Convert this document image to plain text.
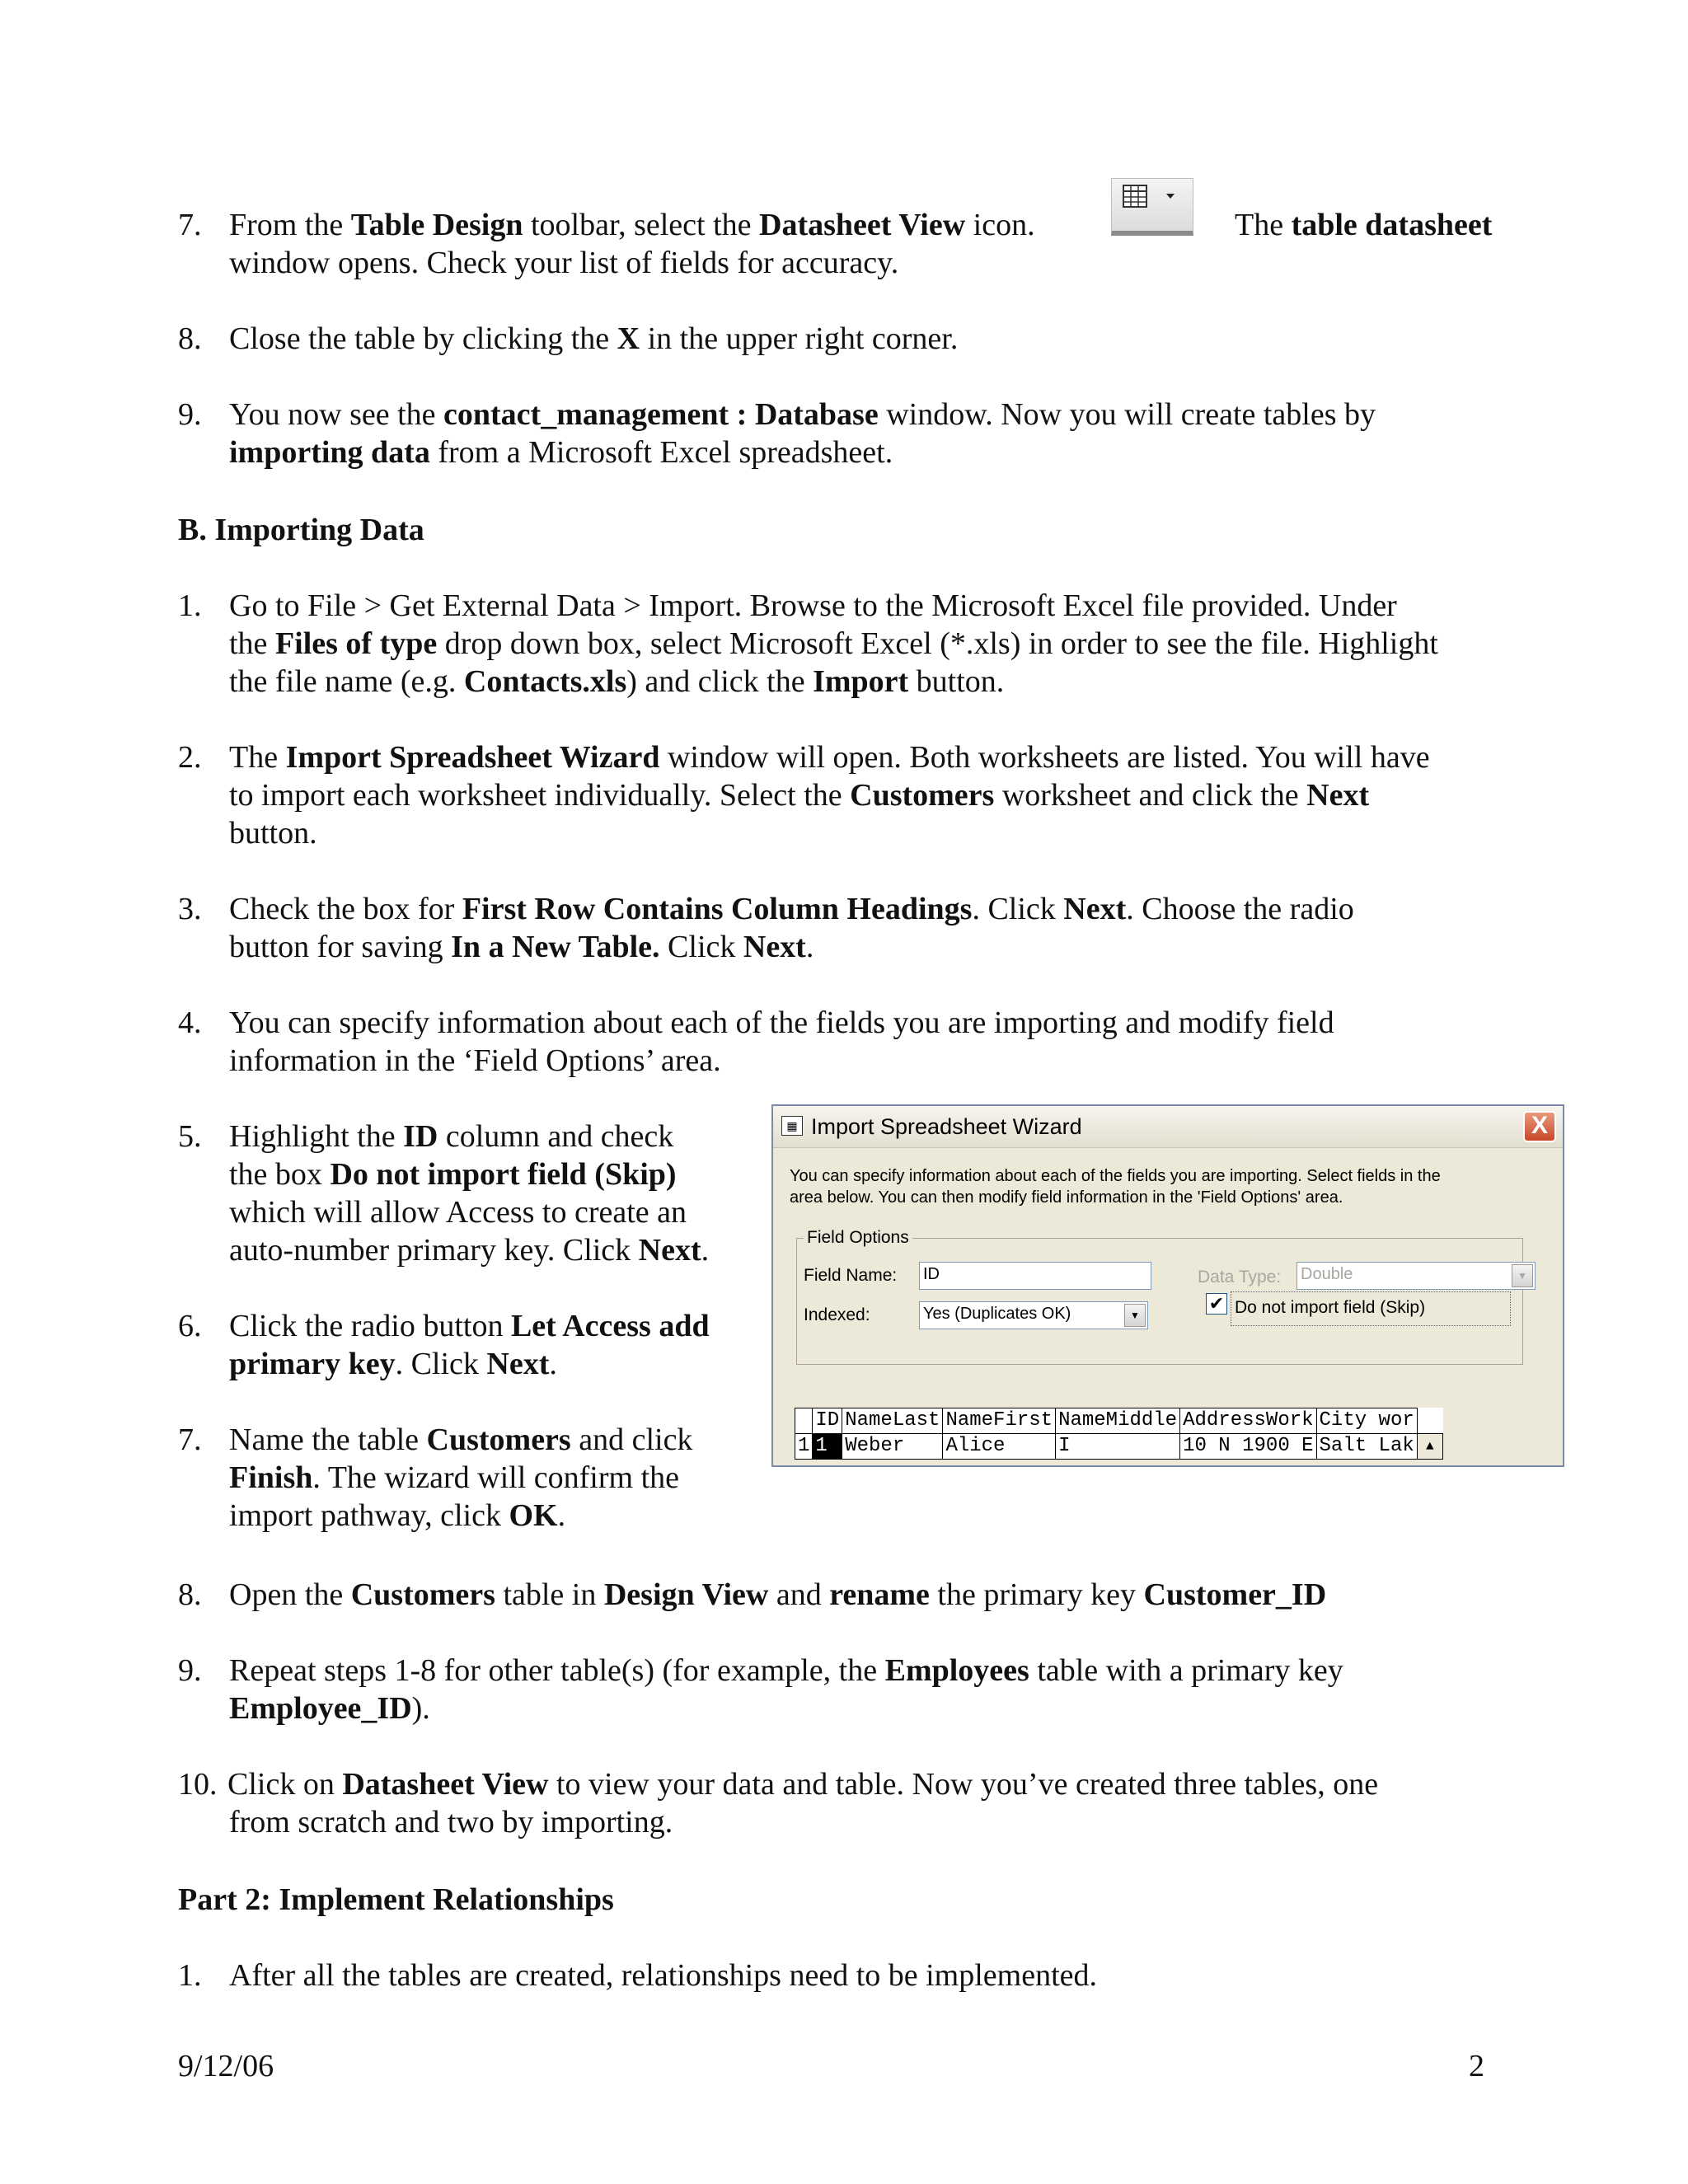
7. From the Table Design toolbar, select the Datasheet View icon.
window opens. Check your list of fields for accuracy.
The table datasheet
8. Close the table by clicking the X in the upper right corner.
9. You now see the contact_management : Database window. Now you will create tables by
importing data from a Microsoft Excel spreadsheet.
B. Importing Data
1. Go to File > Get External Data > Import. Browse to the Microsoft Excel file provided. Under
the Files of type drop down box, select Microsoft Excel (*.xls) in order to see the file. Highlight
the file name (e.g. Contacts.xls) and click the Import button.
2. The Import Spreadsheet Wizard window will open. Both worksheets are listed. You will have
to import each worksheet individually. Select the Customers worksheet and click the Next
button.
3. Check the box for First Row Contains Column Headings. Click Next. Choose the radio
button for saving In a New Table. Click Next.
4. You can specify information about each of the fields you are importing and modify field
information in the ‘Field Options’ area.
5. Highlight the ID column and check
the box Do not import field (Skip)
which will allow Access to create an
auto-number primary key. Click Next.
6. Click the radio button Let Access add
primary key. Click Next.
7. Name the table Customers and click
Finish. The wizard will confirm the
import pathway, click OK.
8. Open the Customers table in Design View and rename the primary key Customer_ID
9. Repeat steps 1-8 for other table(s) (for example, the Employees table with a primary key
Employee_ID).
10. Click on Datasheet View to view your data and table. Now you’ve created three tables, one
from scratch and two by importing.
Part 2: Implement Relationships
1. After all the tables are created, relationships need to be implemented.
▦ Import Spreadsheet Wizard	X
You can specify information about each of the fields you are importing. Select fields in the
area below. You can then modify field information in the 'Field Options' area.
Field Options
Field Name: ID	Data Type: Double	▼
Indexed:	Yes (Duplicates OK)	▼
✔ Do not import field (Skip)
	ID	NameLast	NameFirst	NameMiddle	AddressWork	City wor	
1	1	Weber	Alice	I	10 N 1900 E	Salt Lak	▲
9/12/06	2
